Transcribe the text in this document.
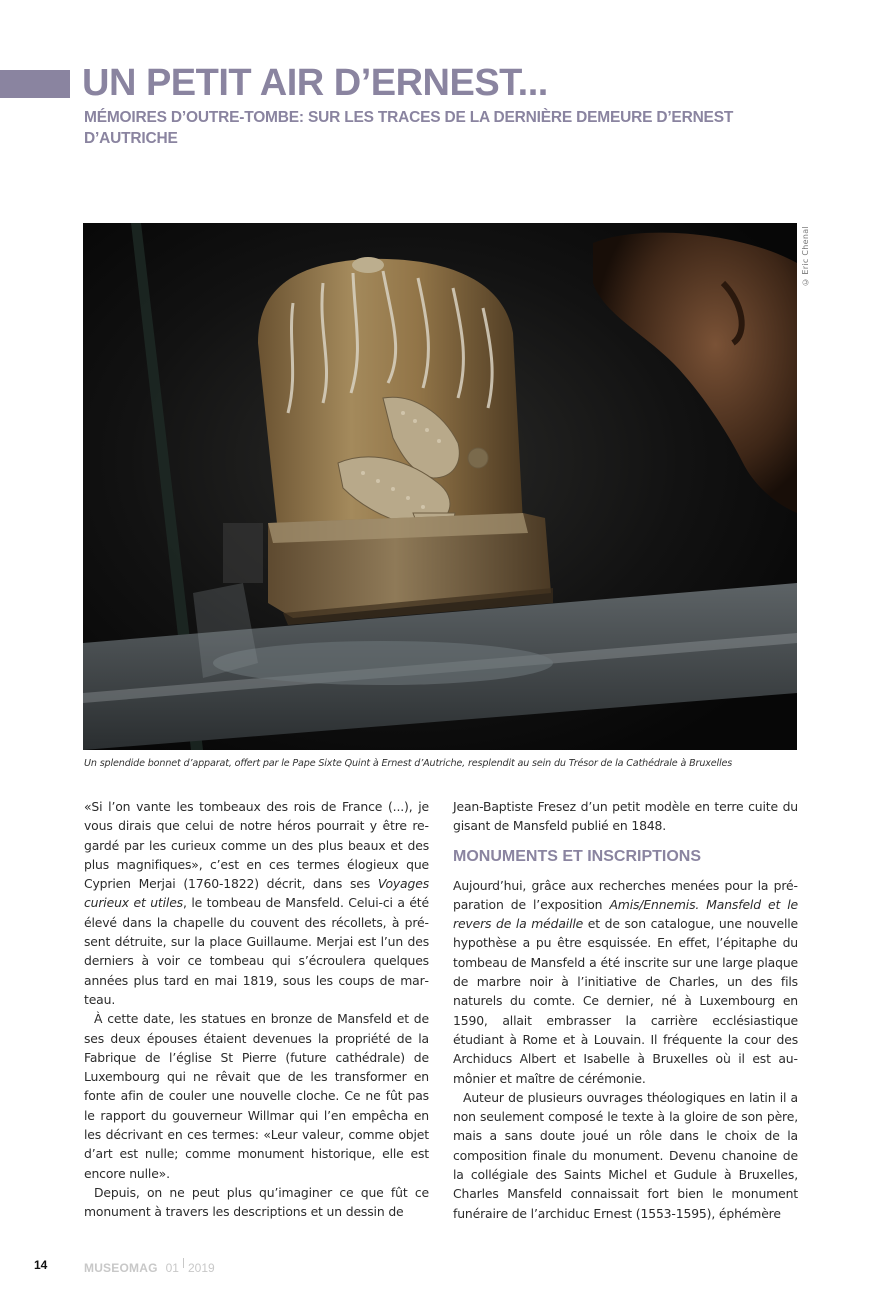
UN PETIT AIR D’ERNEST...
MÉMOIRES D’OUTRE-TOMBE: SUR LES TRACES DE LA DERNIÈRE DEMEURE D’ERNEST D’AUTRICHE
© Eric Chenal

Un splendide bonnet d’apparat, offert par le Pape Sixte Quint à Ernest d’Autriche, resplendit au sein du Trésor de la Cathédrale à Bruxelles

«Si l’on vante les tombeaux des rois de France (...), je vous dirais que celui de notre héros pourrait y être regardé par les curieux comme un des plus beaux et des plus magnifiques», c’est en ces termes élogieux que Cyprien Merjai (1760-1822) décrit, dans ses Voyages curieux et utiles, le tombeau de Mansfeld. Celui-ci a été élevé dans la chapelle du couvent des récollets, à présent détruite, sur la place Guillaume. Merjai est l’un des derniers à voir ce tombeau qui s’écroulera quelques années plus tard en mai 1819, sous les coups de marteau.

À cette date, les statues en bronze de Mansfeld et de ses deux épouses étaient devenues la propriété de la Fabrique de l’église St Pierre (future cathédrale) de Luxembourg qui ne rêvait que de les transformer en fonte afin de couler une nouvelle cloche. Ce ne fût pas le rapport du gouverneur Willmar qui l’en empêcha en les décrivant en ces termes: «Leur valeur, comme objet d’art est nulle; comme monument historique, elle est encore nulle».

Depuis, on ne peut plus qu’imaginer ce que fût ce monument à travers les descriptions et un dessin de

Jean-Baptiste Fresez d’un petit modèle en terre cuite du gisant de Mansfeld publié en 1848.

MONUMENTS ET INSCRIPTIONS

Aujourd’hui, grâce aux recherches menées pour la préparation de l’exposition Amis/Ennemis. Mansfeld et le revers de la médaille et de son catalogue, une nouvelle hypothèse a pu être esquissée. En effet, l’épitaphe du tombeau de Mansfeld a été inscrite sur une large plaque de marbre noir à l’initiative de Charles, un des fils naturels du comte. Ce dernier, né à Luxembourg en 1590, allait embrasser la carrière ecclésiastique étudiant à Rome et à Louvain. Il fréquente la cour des Archiducs Albert et Isabelle à Bruxelles où il est aumônier et maître de cérémonie.

Auteur de plusieurs ouvrages théologiques en latin il a non seulement composé le texte à la gloire de son père, mais a sans doute joué un rôle dans le choix de la composition finale du monument. Devenu chanoine de la collégiale des Saints Michel et Gudule à Bruxelles, Charles Mansfeld connaissait fort bien le monument funéraire de l’archiduc Ernest (1553-1595), éphémère

14	MUSEOMAG 01 2019
